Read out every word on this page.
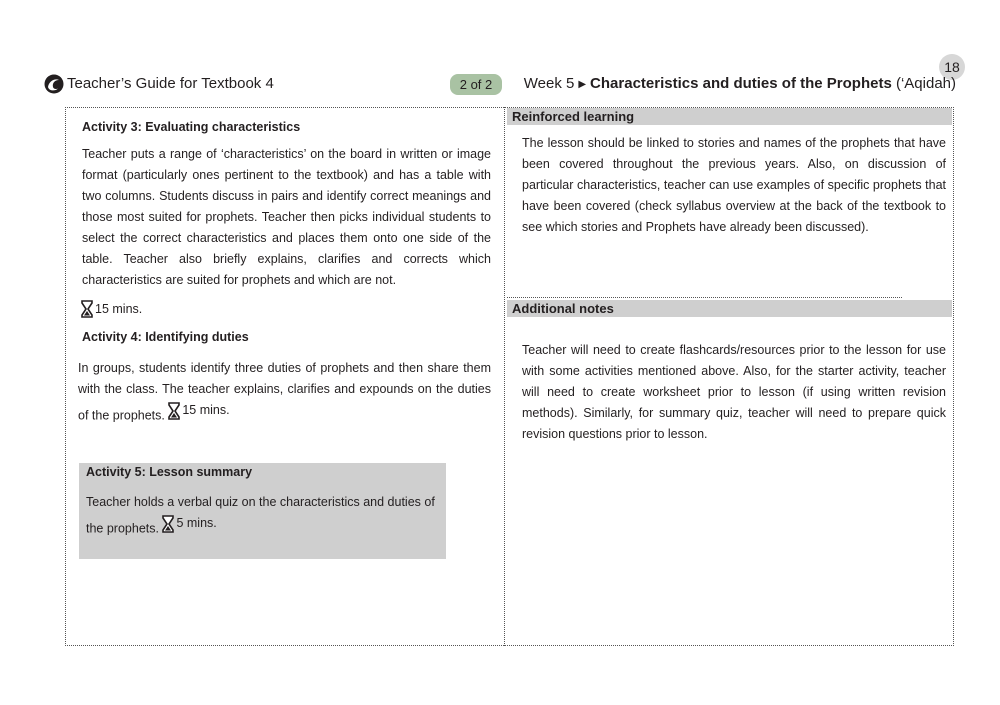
18
Teacher’s Guide for Textbook 4	2 of 2	Week 5 ▶ Characteristics and duties of the Prophets (‘Aqidah)
Activity 3: Evaluating characteristics

Teacher puts a range of ‘characteristics’ on the board in written or image format (particularly ones pertinent to the textbook) and has a table with two columns. Students discuss in pairs and identify correct meanings and those most suited for prophets. Teacher then picks individual students to select the correct characteristics and places them onto one side of the table. Teacher also briefly explains, clarifies and corrects which characteristics are suited for prophets and which are not.

15 mins.
Activity 4: Identifying duties

In groups, students identify three duties of prophets and then share them with the class. The teacher explains, clarifies and expounds on the duties of the prophets. 15 mins.

Activity 5: Lesson summary

Teacher holds a verbal quiz on the characteristics and duties of the prophets. 5 mins.

Reinforced learning

The lesson should be linked to stories and names of the prophets that have been covered throughout the previous years. Also, on discussion of particular characteristics, teacher can use examples of specific prophets that have been covered (check syllabus overview at the back of the textbook to see which stories and Prophets have already been discussed).

Additional notes

Teacher will need to create flashcards/resources prior to the lesson for use with some activities mentioned above. Also, for the starter activity, teacher will need to create worksheet prior to lesson (if using written revision methods). Similarly, for summary quiz, teacher will need to prepare quick revision questions prior to lesson.
